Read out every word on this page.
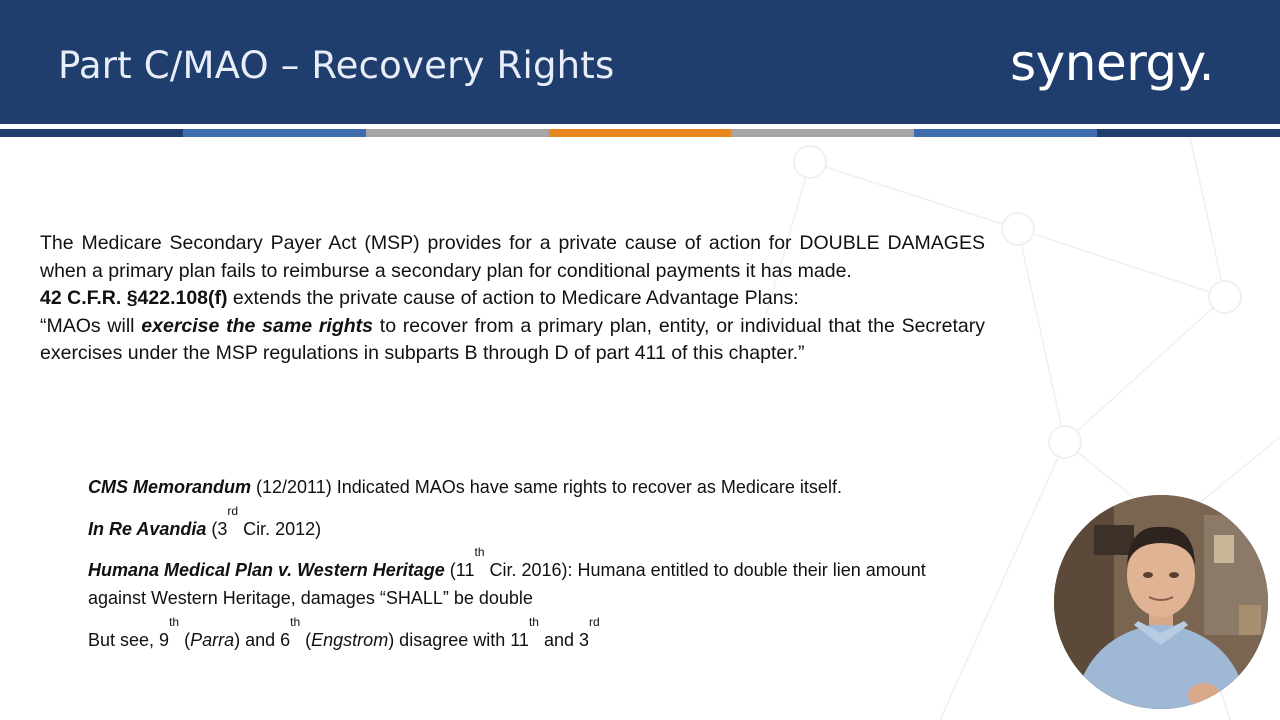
Part C/MAO – Recovery Rights	synergy.

The Medicare Secondary Payer Act (MSP) provides for a private cause of action for DOUBLE DAMAGES when a primary plan fails to reimburse a secondary plan for conditional payments it has made.

42 C.F.R. §422.108(f) extends the private cause of action to Medicare Advantage Plans:

“MAOs will exercise the same rights to recover from a primary plan, entity, or individual that the Secretary exercises under the MSP regulations in subparts B through D of part 411 of this chapter.”

CMS Memorandum (12/2011) Indicated MAOs have same rights to recover as Medicare itself.
In Re Avandia (3rd Cir. 2012)
Humana Medical Plan v. Western Heritage (11th Cir. 2016): Humana entitled to double their lien amount against Western Heritage, damages “SHALL” be double
But see, 9th (Parra) and 6th (Engstrom) disagree with 11th and 3rd
